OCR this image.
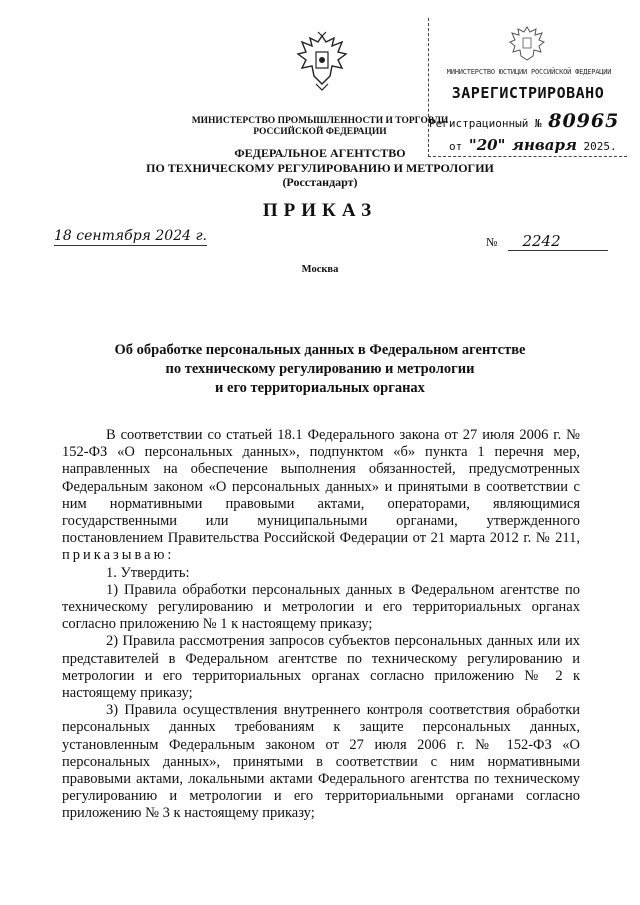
МИНИСТЕРСТВО ЮСТИЦИИ РОССИЙСКОЙ ФЕДЕРАЦИИ
ЗАРЕГИСТРИРОВАНО
Регистрационный № 80965
от "20" января 2025.
МИНИСТЕРСТВО ПРОМЫШЛЕННОСТИ И ТОРГОВЛИ РОССИЙСКОЙ ФЕДЕРАЦИИ
ФЕДЕРАЛЬНОЕ АГЕНТСТВО
ПО ТЕХНИЧЕСКОМУ РЕГУЛИРОВАНИЮ И МЕТРОЛОГИИ
(Росстандарт)
ПРИКАЗ
18 сентября 2024 г.	№ 2242
Москва
Об обработке персональных данных в Федеральном агентстве
по техническому регулированию и метрологии
и его территориальных органах

В соответствии со статьей 18.1 Федерального закона от 27 июля 2006 г. № 152-ФЗ «О персональных данных», подпунктом «б» пункта 1 перечня мер, направленных на обеспечение выполнения обязанностей, предусмотренных Федеральным законом «О персональных данных» и принятыми в соответствии с ним нормативными правовыми актами, операторами, являющимися государственными или муниципальными органами, утвержденного постановлением Правительства Российской Федерации от 21 марта 2012 г. № 211, приказываю:

1. Утвердить:

1) Правила обработки персональных данных в Федеральном агентстве по техническому регулированию и метрологии и его территориальных органах согласно приложению № 1 к настоящему приказу;

2) Правила рассмотрения запросов субъектов персональных данных или их представителей в Федеральном агентстве по техническому регулированию и метрологии и его территориальных органах согласно приложению № 2 к настоящему приказу;

3) Правила осуществления внутреннего контроля соответствия обработки персональных данных требованиям к защите персональных данных, установленным Федеральным законом от 27 июля 2006 г. № 152-ФЗ «О персональных данных», принятыми в соответствии с ним нормативными правовыми актами, локальными актами Федерального агентства по техническому регулированию и метрологии и его территориальными органами согласно приложению № 3 к настоящему приказу;
